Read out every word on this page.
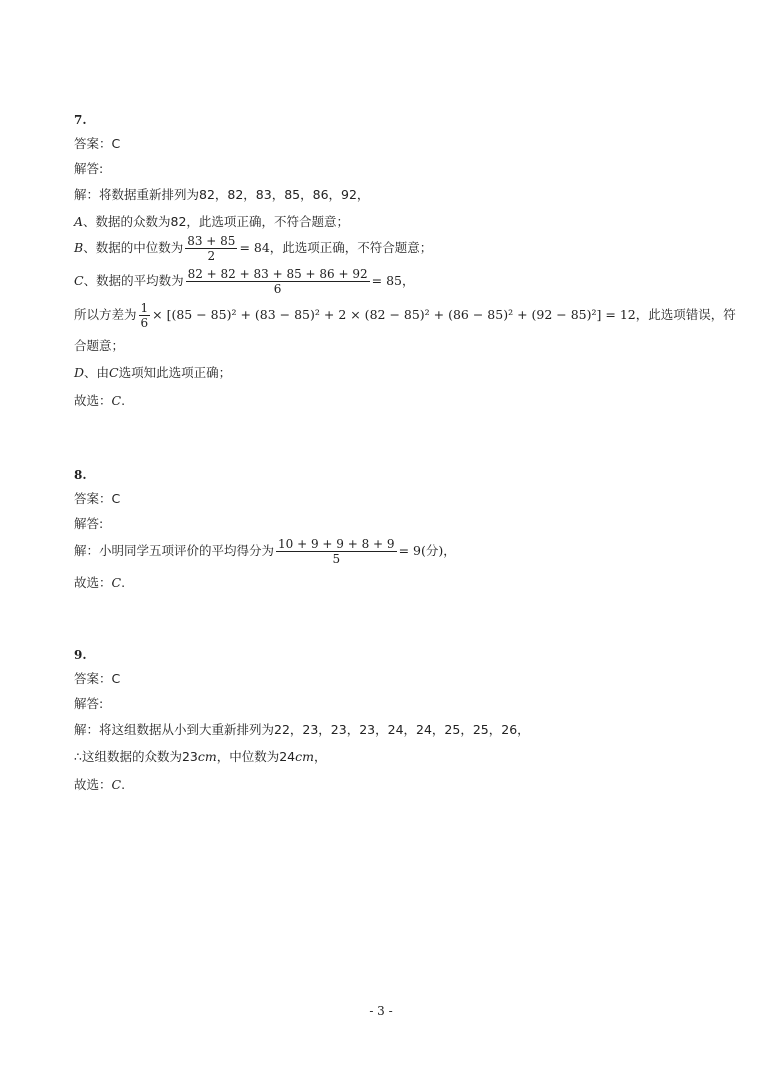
7.
答案：C
解答:
解：将数据重新排列为82，82，83，85，86，92，
A、数据的众数为82，此选项正确，不符合题意；
B、数据的中位数为 $\frac{83 + 85}{2} = 84$，此选项正确，不符合题意；
C、数据的平均数为 $\frac{82 + 82 + 83 + 85 + 86 + 92}{6} = 85$，
所以方差为 $\frac{1}{6} \times [(85 - 85)^2 + (83 - 85)^2 + 2 \times (82 - 85)^2 + (86 - 85)^2 + (92 - 85)^2] = 12$，此选项错误，符
合题意；
D、由C选项知此选项正确；
故选：C.
8.
答案：C
解答:
解：小明同学五项评价的平均得分为 $\frac{10 + 9 + 9 + 8 + 9}{5} = 9$(分)，
故选：C.
9.
答案：C
解答:
解：将这组数据从小到大重新排列为22，23，23，23，24，24，25，25，26，
∴这组数据的众数为23cm，中位数为24cm，
故选：C.
- 3 -
